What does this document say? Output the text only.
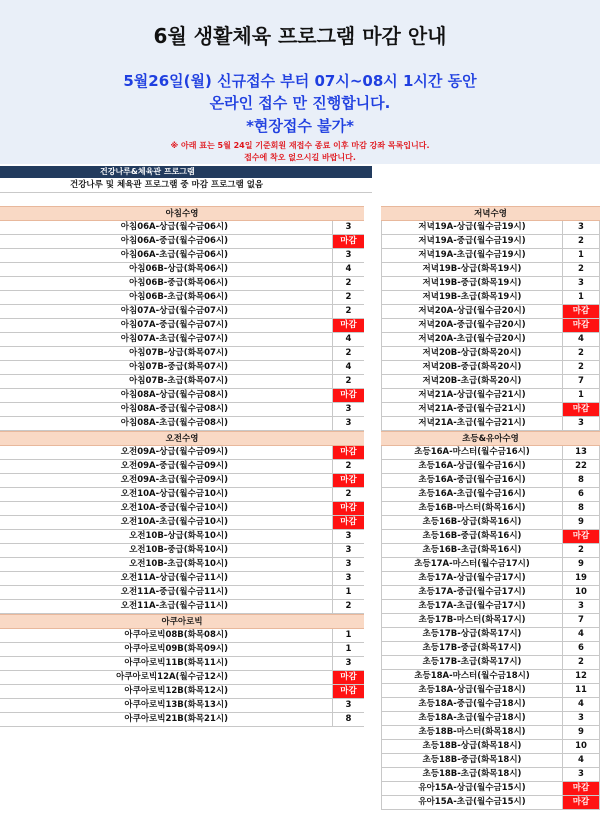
6월 생활체육 프로그램 마감 안내
5월26일(월) 신규접수 부터 07시~08시 1시간 동안
온라인 접수 만 진행합니다.
*현장접수 불가*
※ 아래 표는 5월 24일 기준회원 재접수 종료 이후 마감 강좌 목록입니다.
접수에 착오 없으시길 바랍니다.
건강나루&체육관 프로그램
건강나루 및 체육관 프로그램 중 마감 프로그램 없음
아침수영
아침06A-상급(월수금06시)	3
아침06A-중급(월수금06시)	마감
아침06A-초급(월수금06시)	3
아침06B-상급(화목06시)	4
아침06B-중급(화목06시)	2
아침06B-초급(화목06시)	2
아침07A-상급(월수금07시)	2
아침07A-중급(월수금07시)	마감
아침07A-초급(월수금07시)	4
아침07B-상급(화목07시)	2
아침07B-중급(화목07시)	4
아침07B-초급(화목07시)	2
아침08A-상급(월수금08시)	마감
아침08A-중급(월수금08시)	3
아침08A-초급(월수금08시)	3
오전수영
오전09A-상급(월수금09시)	마감
오전09A-중급(월수금09시)	2
오전09A-초급(월수금09시)	마감
오전10A-상급(월수금10시)	2
오전10A-중급(월수금10시)	마감
오전10A-초급(월수금10시)	마감
오전10B-상급(화목10시)	3
오전10B-중급(화목10시)	3
오전10B-초급(화목10시)	3
오전11A-상급(월수금11시)	3
오전11A-중급(월수금11시)	1
오전11A-초급(월수금11시)	2
아쿠아로빅
아쿠아로빅08B(화목08시)	1
아쿠아로빅09B(화목09시)	1
아쿠아로빅11B(화목11시)	3
아쿠아로빅12A(월수금12시)	마감
아쿠아로빅12B(화목12시)	마감
아쿠아로빅13B(화목13시)	3
아쿠아로빅21B(화목21시)	8
저녁수영
저녁19A-상급(월수금19시)	3
저녁19A-중급(월수금19시)	2
저녁19A-초급(월수금19시)	1
저녁19B-상급(화목19시)	2
저녁19B-중급(화목19시)	3
저녁19B-초급(화목19시)	1
저녁20A-상급(월수금20시)	마감
저녁20A-중급(월수금20시)	마감
저녁20A-초급(월수금20시)	4
저녁20B-상급(화목20시)	2
저녁20B-중급(화목20시)	2
저녁20B-초급(화목20시)	7
저녁21A-상급(월수금21시)	1
저녁21A-중급(월수금21시)	마감
저녁21A-초급(월수금21시)	3
초등&유아수영
초등16A-마스터(월수금16시)	13
초등16A-상급(월수금16시)	22
초등16A-중급(월수금16시)	8
초등16A-초급(월수금16시)	6
초등16B-마스터(화목16시)	8
초등16B-상급(화목16시)	9
초등16B-중급(화목16시)	마감
초등16B-초급(화목16시)	2
초등17A-마스터(월수금17시)	9
초등17A-상급(월수금17시)	19
초등17A-중급(월수금17시)	10
초등17A-초급(월수금17시)	3
초등17B-마스터(화목17시)	7
초등17B-상급(화목17시)	4
초등17B-중급(화목17시)	6
초등17B-초급(화목17시)	2
초등18A-마스터(월수금18시)	12
초등18A-상급(월수금18시)	11
초등18A-중급(월수금18시)	4
초등18A-초급(월수금18시)	3
초등18B-마스터(화목18시)	9
초등18B-상급(화목18시)	10
초등18B-중급(화목18시)	4
초등18B-초급(화목18시)	3
유아15A-상급(월수금15시)	마감
유아15A-초급(월수금15시)	마감
